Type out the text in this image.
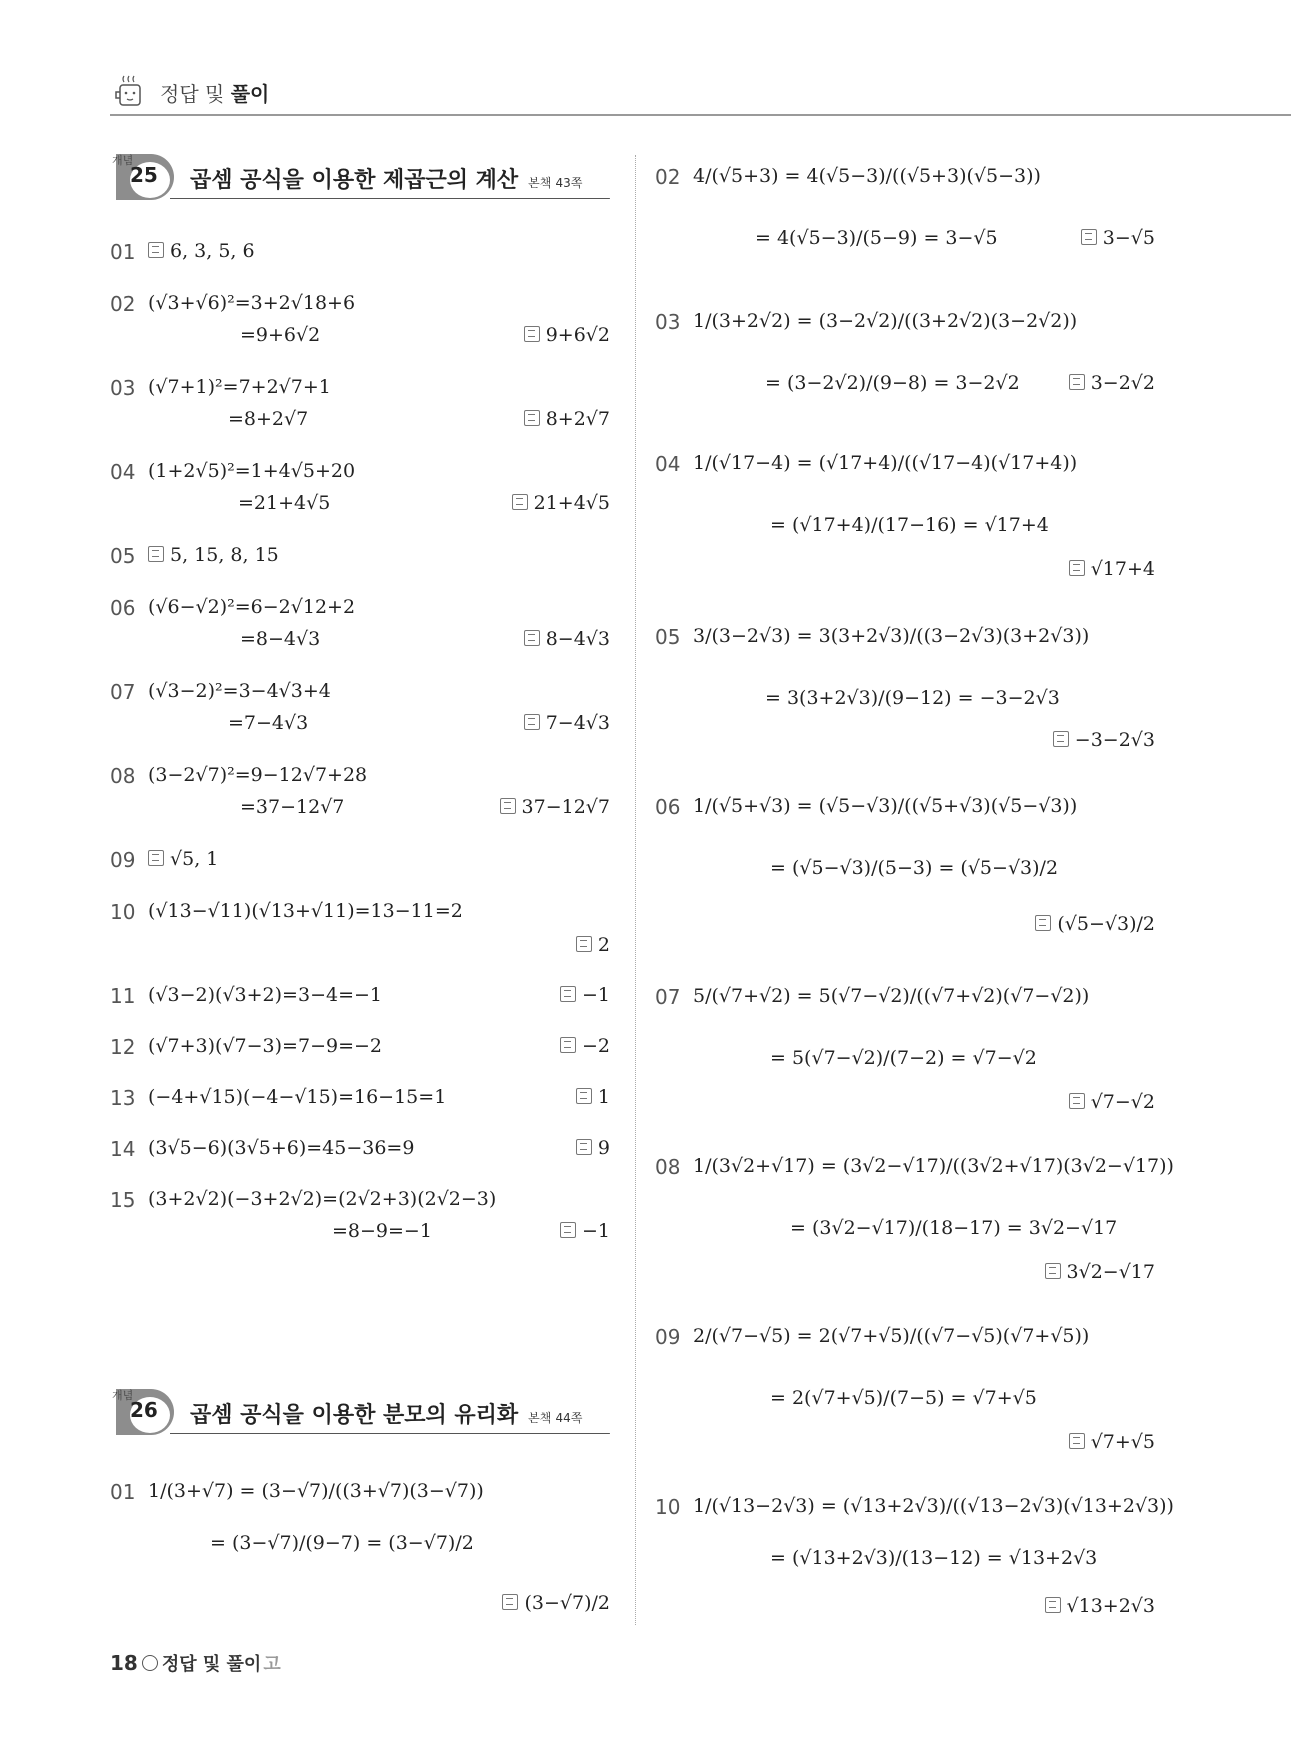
정답 및 풀이
개념
25 곱셈 공식을 이용한 제곱근의 계산 본책 43쪽
01	6, 3, 5, 6
02 (√3+√6)²=3+2√18+6
=9+6√2	9+6√2
03 (√7+1)²=7+2√7+1
=8+2√7	8+2√7
04 (1+2√5)²=1+4√5+20
=21+4√5	21+4√5
05	5, 15, 8, 15
06 (√6−√2)²=6−2√12+2
=8−4√3	8−4√3
07 (√3−2)²=3−4√3+4
=7−4√3	7−4√3
08 (3−2√7)²=9−12√7+28
=37−12√7	37−12√7
09	√5, 1
10 (√13−√11)(√13+√11)=13−11=2
2
11 (√3−2)(√3+2)=3−4=−1	−1
12 (√7+3)(√7−3)=7−9=−2	−2
13 (−4+√15)(−4−√15)=16−15=1	1
14 (3√5−6)(3√5+6)=45−36=9	9
15 (3+2√2)(−3+2√2)=(2√2+3)(2√2−3)
=8−9=−1	−1
개념
26 곱셈 공식을 이용한 분모의 유리화 본책 44쪽
01 1/(3+√7) = (3−√7)/((3+√7)(3−√7))
= (3−√7)/(9−7) = (3−√7)/2
(3−√7)/2
02 4/(√5+3) = 4(√5−3)/((√5+3)(√5−3))
= 4(√5−3)/(5−9) = 3−√5	3−√5
03 1/(3+2√2) = (3−2√2)/((3+2√2)(3−2√2))
= (3−2√2)/(9−8) = 3−2√2	3−2√2
04 1/(√17−4) = (√17+4)/((√17−4)(√17+4))
= (√17+4)/(17−16) = √17+4
√17+4
05 3/(3−2√3) = 3(3+2√3)/((3−2√3)(3+2√3))
= 3(3+2√3)/(9−12) = −3−2√3
−3−2√3
06 1/(√5+√3) = (√5−√3)/((√5+√3)(√5−√3))
= (√5−√3)/(5−3) = (√5−√3)/2
(√5−√3)/2
07 5/(√7+√2) = 5(√7−√2)/((√7+√2)(√7−√2))
= 5(√7−√2)/(7−2) = √7−√2
√7−√2
08 1/(3√2+√17) = (3√2−√17)/((3√2+√17)(3√2−√17))
= (3√2−√17)/(18−17) = 3√2−√17
3√2−√17
09 2/(√7−√5) = 2(√7+√5)/((√7−√5)(√7+√5))
= 2(√7+√5)/(7−5) = √7+√5
√7+√5
10 1/(√13−2√3) = (√13+2√3)/((√13−2√3)(√13+2√3))
= (√13+2√3)/(13−12) = √13+2√3
√13+2√3
18 정답 및 풀이 고
